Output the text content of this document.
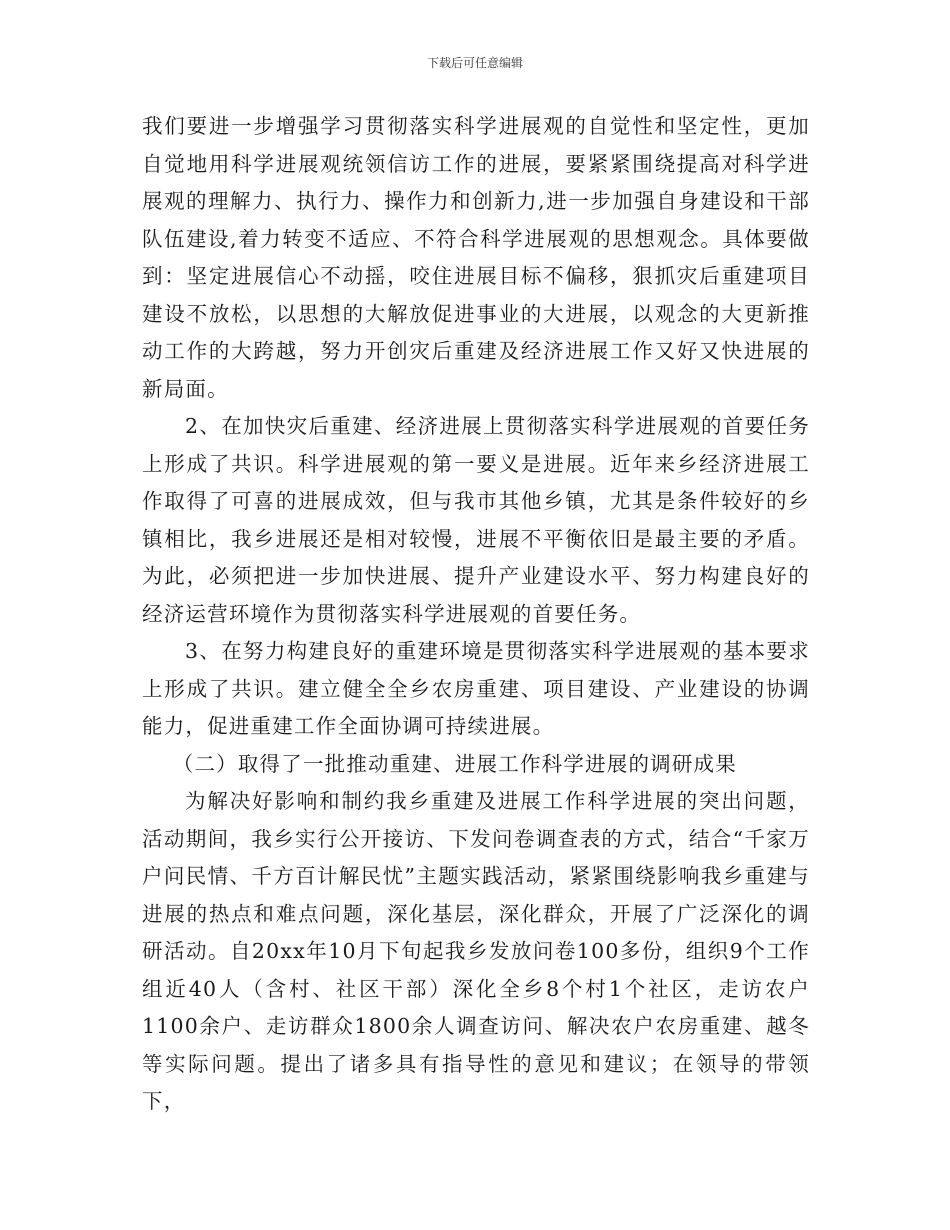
下载后可任意编辑

我们要进一步增强学习贯彻落实科学进展观的自觉性和坚定性，更加自觉地用科学进展观统领信访工作的进展，要紧紧围绕提高对科学进展观的理解力、执行力、操作力和创新力,进一步加强自身建设和干部队伍建设,着力转变不适应、不符合科学进展观的思想观念。具体要做到：坚定进展信心不动摇，咬住进展目标不偏移，狠抓灾后重建项目建设不放松，以思想的大解放促进事业的大进展，以观念的大更新推动工作的大跨越，努力开创灾后重建及经济进展工作又好又快进展的新局面。

2、在加快灾后重建、经济进展上贯彻落实科学进展观的首要任务上形成了共识。科学进展观的第一要义是进展。近年来乡经济进展工作取得了可喜的进展成效，但与我市其他乡镇，尤其是条件较好的乡镇相比，我乡进展还是相对较慢，进展不平衡依旧是最主要的矛盾。为此，必须把进一步加快进展、提升产业建设水平、努力构建良好的经济运营环境作为贯彻落实科学进展观的首要任务。

3、在努力构建良好的重建环境是贯彻落实科学进展观的基本要求上形成了共识。建立健全全乡农房重建、项目建设、产业建设的协调能力，促进重建工作全面协调可持续进展。

（二）取得了一批推动重建、进展工作科学进展的调研成果

为解决好影响和制约我乡重建及进展工作科学进展的突出问题，活动期间，我乡实行公开接访、下发问卷调查表的方式，结合“千家万户问民情、千方百计解民忧”主题实践活动，紧紧围绕影响我乡重建与进展的热点和难点问题，深化基层，深化群众，开展了广泛深化的调研活动。自20xx年10月下旬起我乡发放问卷100多份，组织9个工作组近40人（含村、社区干部）深化全乡8个村1个社区，走访农户1100余户、走访群众1800余人调查访问、解决农户农房重建、越冬等实际问题。提出了诸多具有指导性的意见和建议；在领导的带领下，
